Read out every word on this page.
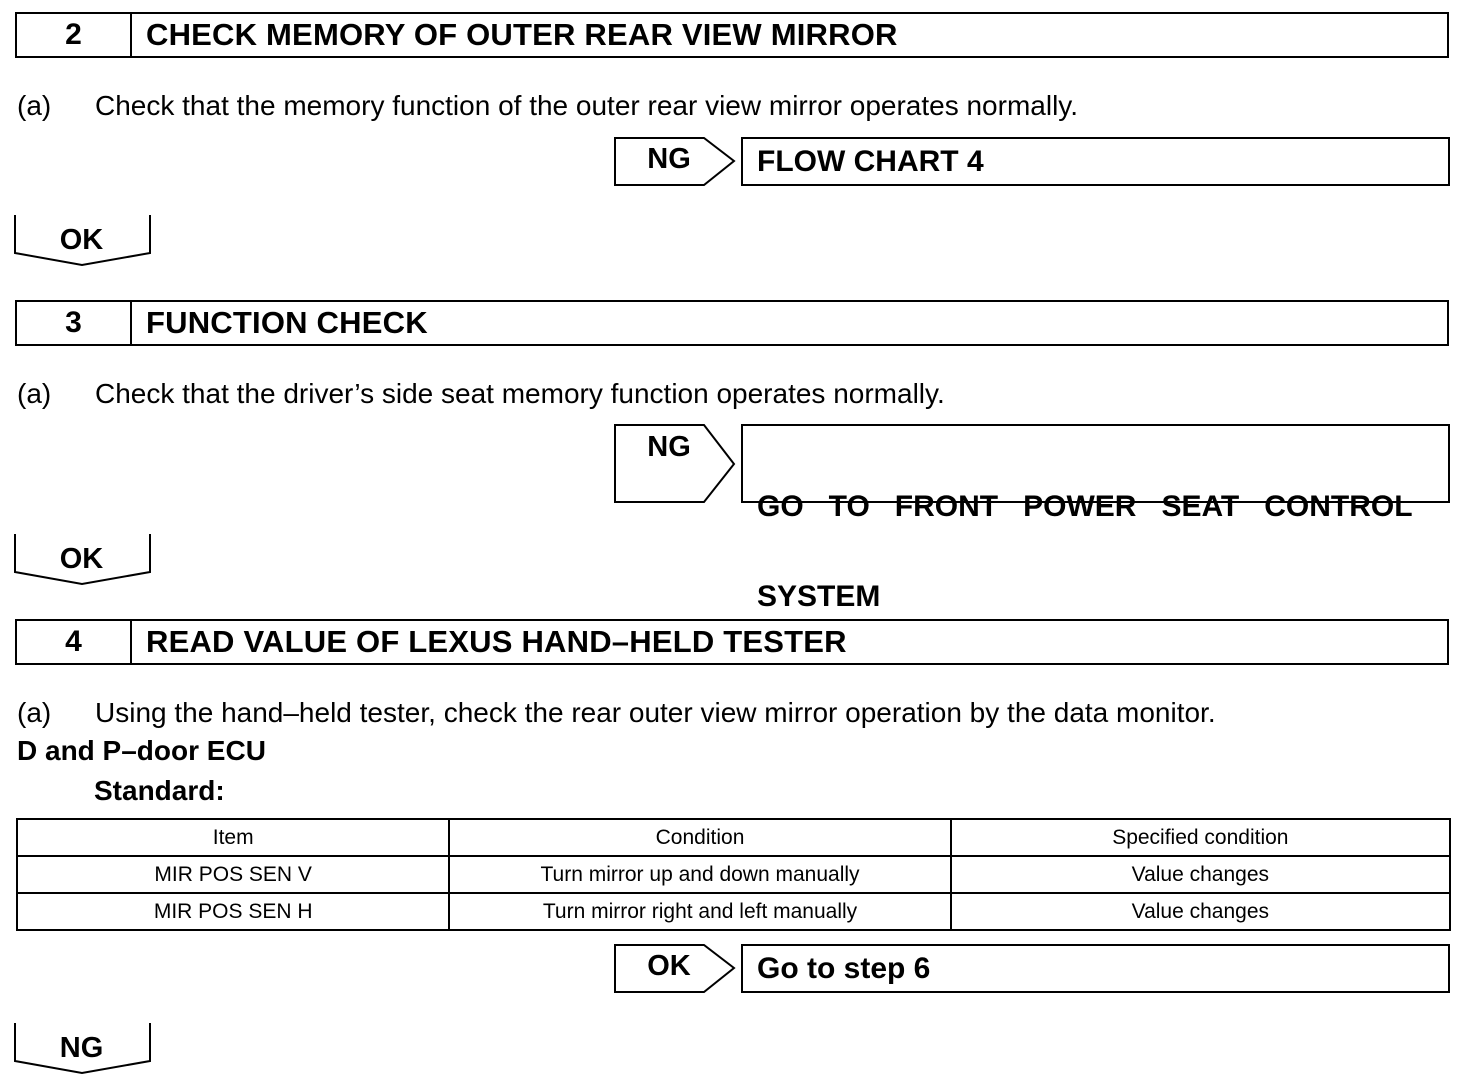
2	CHECK MEMORY OF OUTER REAR VIEW MIRROR
(a) Check that the memory function of the outer rear view mirror operates normally.
NG	FLOW CHART 4
OK
3	FUNCTION CHECK
(a) Check that the driver’s side seat memory function operates normally.
NG

GO   TO   FRONT   POWER   SEAT   CONTROL

SYSTEM

OK
4	READ VALUE OF LEXUS HAND–HELD TESTER
(a) Using the hand–held tester, check the rear outer view mirror operation by the data monitor.
D and P–door ECU
Standard:
Item	Condition	Specified condition
MIR POS SEN V	Turn mirror up and down manually	Value changes
MIR POS SEN H	Turn mirror right and left manually	Value changes
OK	Go to step 6
NG
